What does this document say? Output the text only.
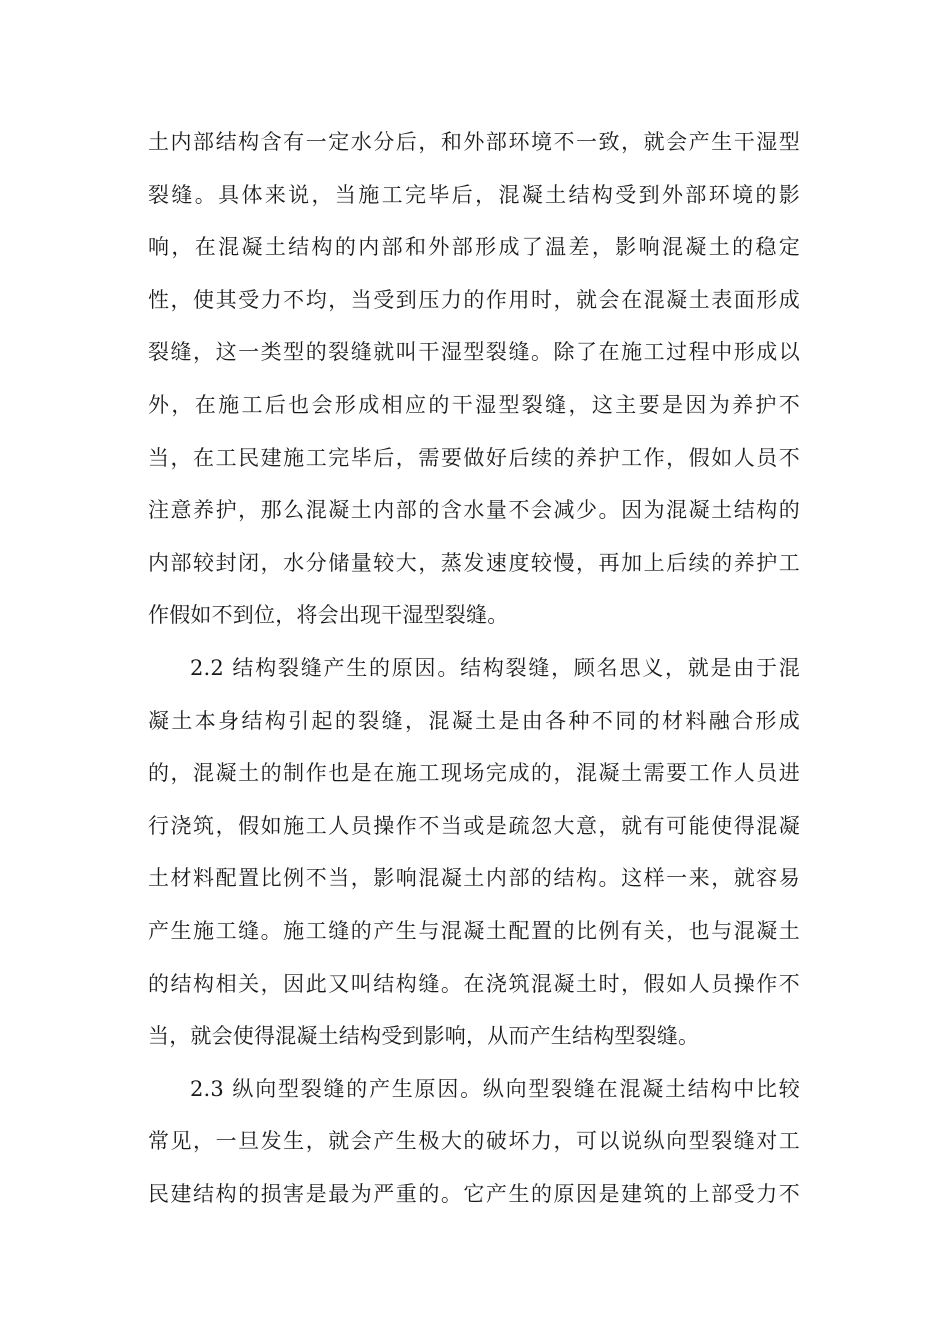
土内部结构含有一定水分后，和外部环境不一致，就会产生干湿型
裂缝。具体来说，当施工完毕后，混凝土结构受到外部环境的影
响，在混凝土结构的内部和外部形成了温差，影响混凝土的稳定
性，使其受力不均，当受到压力的作用时，就会在混凝土表面形成
裂缝，这一类型的裂缝就叫干湿型裂缝。除了在施工过程中形成以
外，在施工后也会形成相应的干湿型裂缝，这主要是因为养护不
当，在工民建施工完毕后，需要做好后续的养护工作，假如人员不
注意养护，那么混凝土内部的含水量不会减少。因为混凝土结构的
内部较封闭，水分储量较大，蒸发速度较慢，再加上后续的养护工
作假如不到位，将会出现干湿型裂缝。
2.2 结构裂缝产生的原因。结构裂缝，顾名思义，就是由于混
凝土本身结构引起的裂缝，混凝土是由各种不同的材料融合形成
的，混凝土的制作也是在施工现场完成的，混凝土需要工作人员进
行浇筑，假如施工人员操作不当或是疏忽大意，就有可能使得混凝
土材料配置比例不当，影响混凝土内部的结构。这样一来，就容易
产生施工缝。施工缝的产生与混凝土配置的比例有关，也与混凝土
的结构相关，因此又叫结构缝。在浇筑混凝土时，假如人员操作不
当，就会使得混凝土结构受到影响，从而产生结构型裂缝。
2.3 纵向型裂缝的产生原因。纵向型裂缝在混凝土结构中比较
常见，一旦发生，就会产生极大的破坏力，可以说纵向型裂缝对工
民建结构的损害是最为严重的。它产生的原因是建筑的上部受力不
